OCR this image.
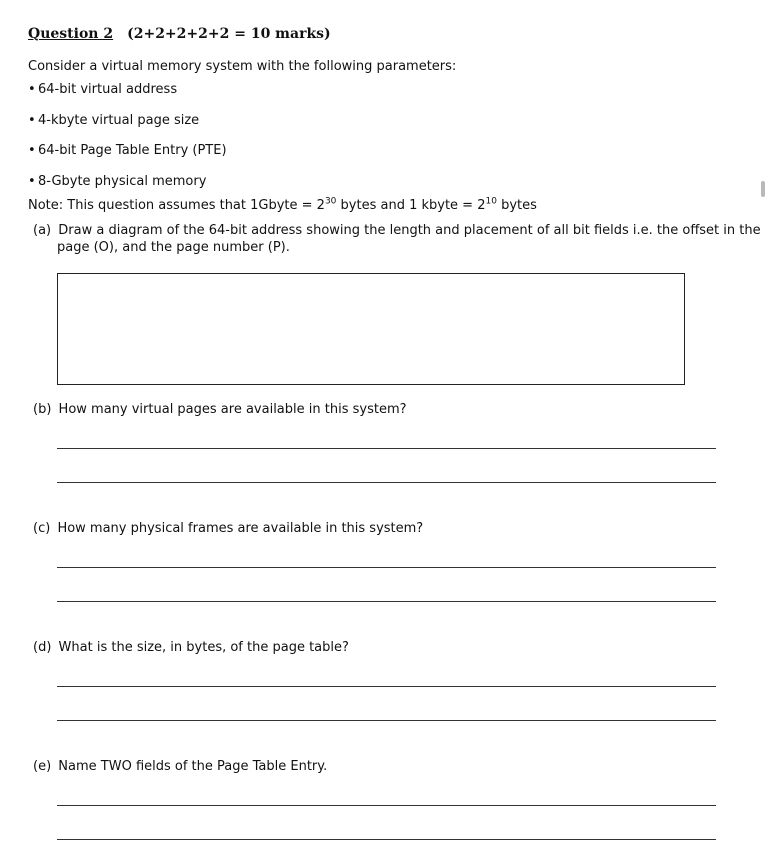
Question 2 (2+2+2+2+2 = 10 marks)
Consider a virtual memory system with the following parameters:
• 64-bit virtual address
• 4-kbyte virtual page size
• 64-bit Page Table Entry (PTE)
• 8-Gbyte physical memory
Note: This question assumes that 1Gbyte = $2^{30}$ bytes and 1 kbyte = $2^{10}$ bytes
(a) Draw a diagram of the 64-bit address showing the length and placement of all bit fields i.e. the offset in the
page (O), and the page number (P).
(b) How many virtual pages are available in this system?
(c) How many physical frames are available in this system?
(d) What is the size, in bytes, of the page table?
(e) Name TWO fields of the Page Table Entry.
